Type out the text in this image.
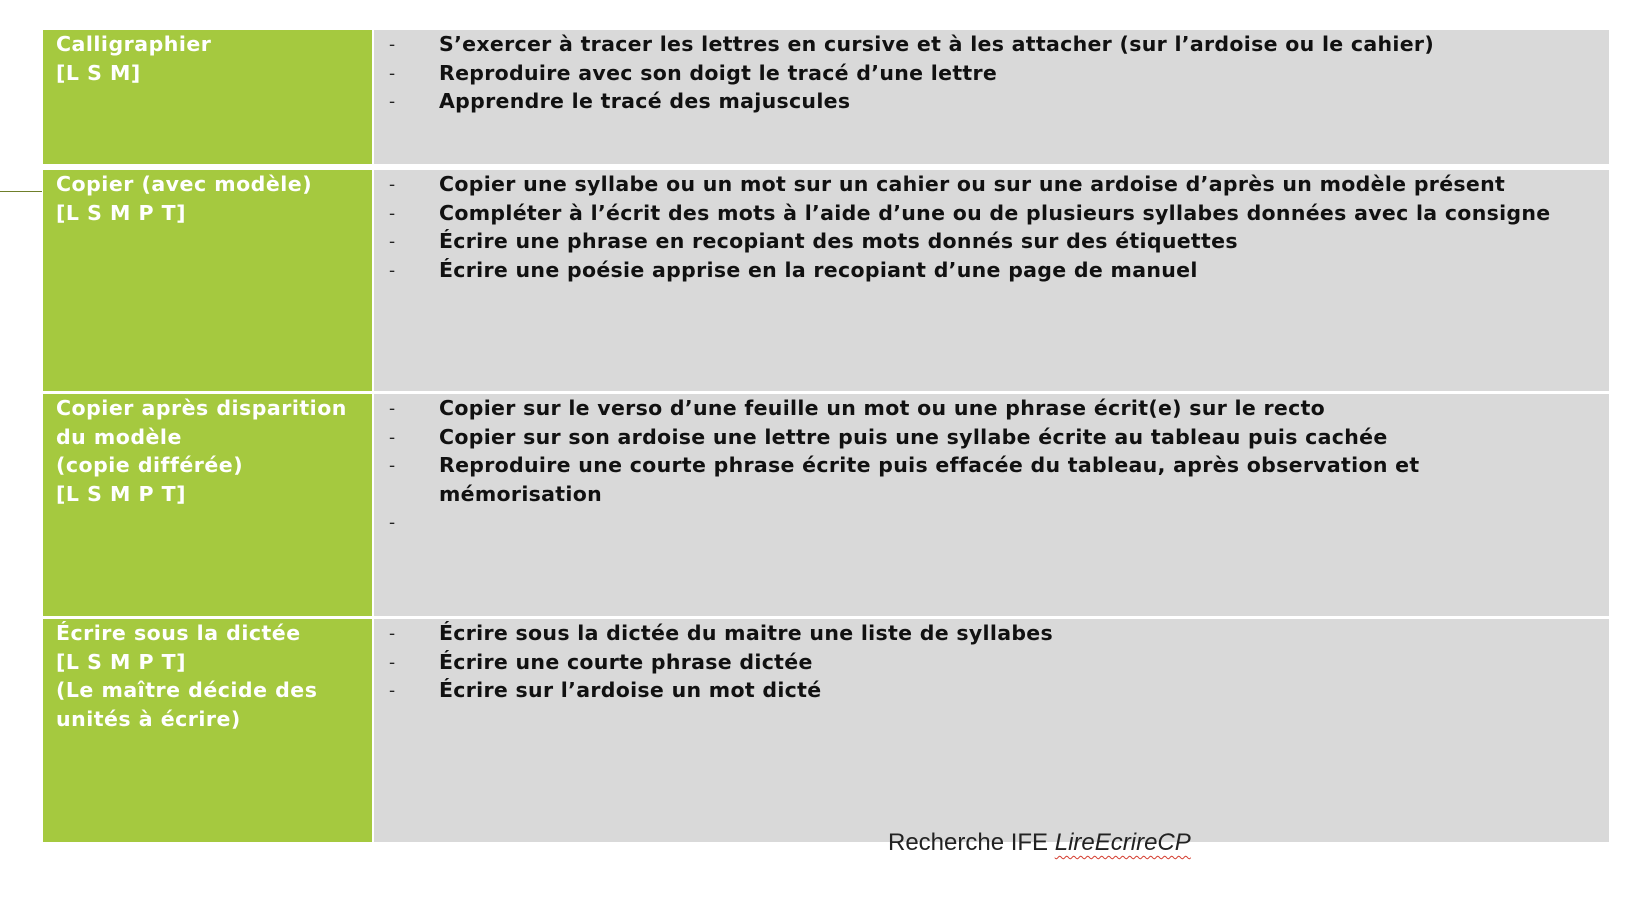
Calligraphier
[L S M]
- S’exercer à tracer les lettres en cursive et à les attacher (sur l’ardoise ou le cahier)
- Reproduire avec son doigt le tracé d’une lettre
- Apprendre le tracé des majuscules
Copier (avec modèle)
[L S M P T]
- Copier une syllabe ou un mot sur un cahier ou sur une ardoise d’après un modèle présent
- Compléter à l’écrit des mots à l’aide d’une ou de plusieurs syllabes données avec la consigne
- Écrire une phrase en recopiant des mots donnés sur des étiquettes
- Écrire une poésie apprise en la recopiant d’une page de manuel
Copier après disparition
du modèle
(copie différée)
[L S M P T]
- Copier sur le verso d’une feuille un mot ou une phrase écrit(e) sur le recto
- Copier sur son ardoise une lettre puis une syllabe écrite au tableau puis cachée
- Reproduire une courte phrase écrite puis effacée du tableau, après observation et mémorisation
-
Écrire sous la dictée
[L S M P T]
(Le maître décide des
unités à écrire)
- Écrire sous la dictée du maitre une liste de syllabes
- Écrire une courte phrase dictée
- Écrire sur l’ardoise un mot dicté
Recherche IFE LireEcrireCP
